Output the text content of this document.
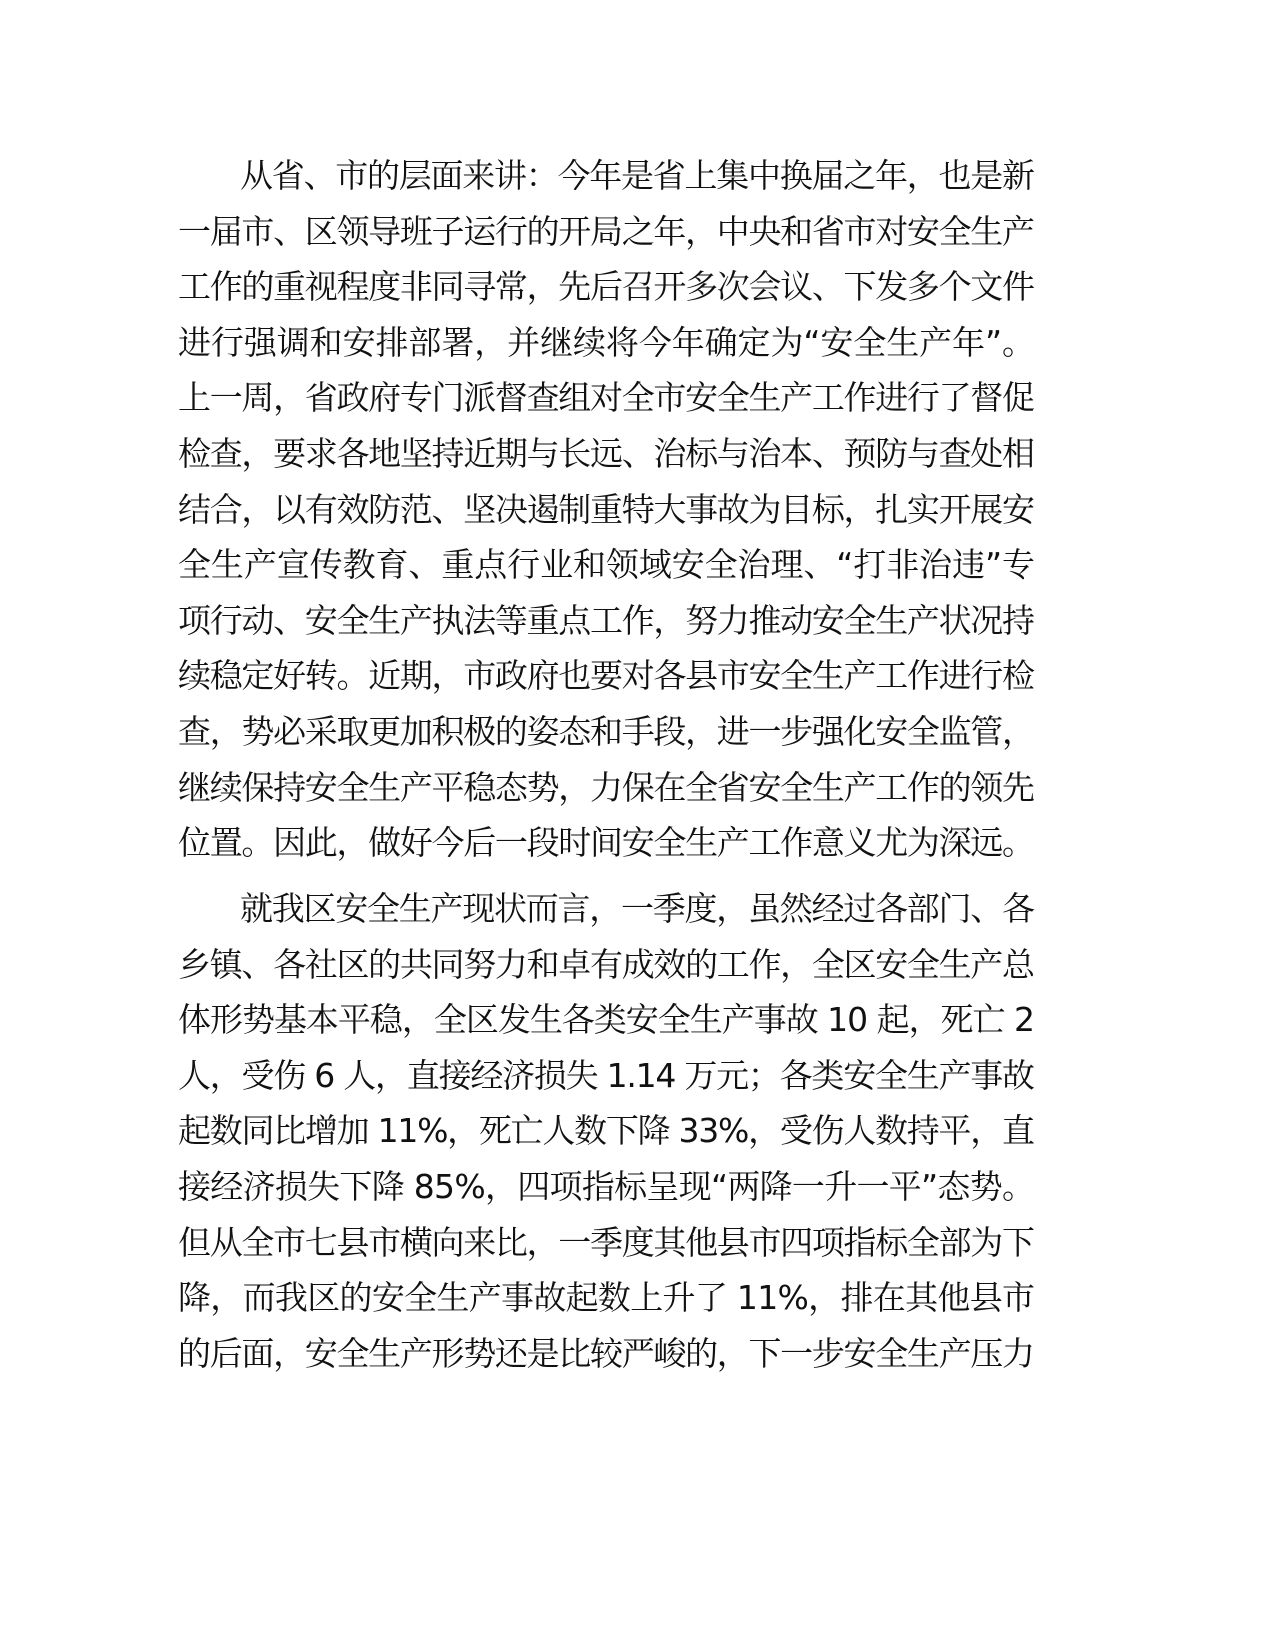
从省、市的层面来讲：今年是省上集中换届之年，也是新
一届市、区领导班子运行的开局之年，中央和省市对安全生产
工作的重视程度非同寻常，先后召开多次会议、下发多个文件
进行强调和安排部署，并继续将今年确定为“安全生产年”。
上一周，省政府专门派督查组对全市安全生产工作进行了督促
检查，要求各地坚持近期与长远、治标与治本、预防与查处相
结合，以有效防范、坚决遏制重特大事故为目标，扎实开展安
全生产宣传教育、重点行业和领域安全治理、“打非治违”专
项行动、安全生产执法等重点工作，努力推动安全生产状况持
续稳定好转。近期，市政府也要对各县市安全生产工作进行检
查，势必采取更加积极的姿态和手段，进一步强化安全监管，
继续保持安全生产平稳态势，力保在全省安全生产工作的领先
位置。因此，做好今后一段时间安全生产工作意义尤为深远。
就我区安全生产现状而言，一季度，虽然经过各部门、各
乡镇、各社区的共同努力和卓有成效的工作，全区安全生产总
体形势基本平稳，全区发生各类安全生产事故 10 起，死亡 2
人，受伤 6 人，直接经济损失 1.14 万元；各类安全生产事故
起数同比增加 11%，死亡人数下降 33%，受伤人数持平，直
接经济损失下降 85%，四项指标呈现“两降一升一平”态势。
但从全市七县市横向来比，一季度其他县市四项指标全部为下
降，而我区的安全生产事故起数上升了 11%，排在其他县市
的后面，安全生产形势还是比较严峻的，下一步安全生产压力
